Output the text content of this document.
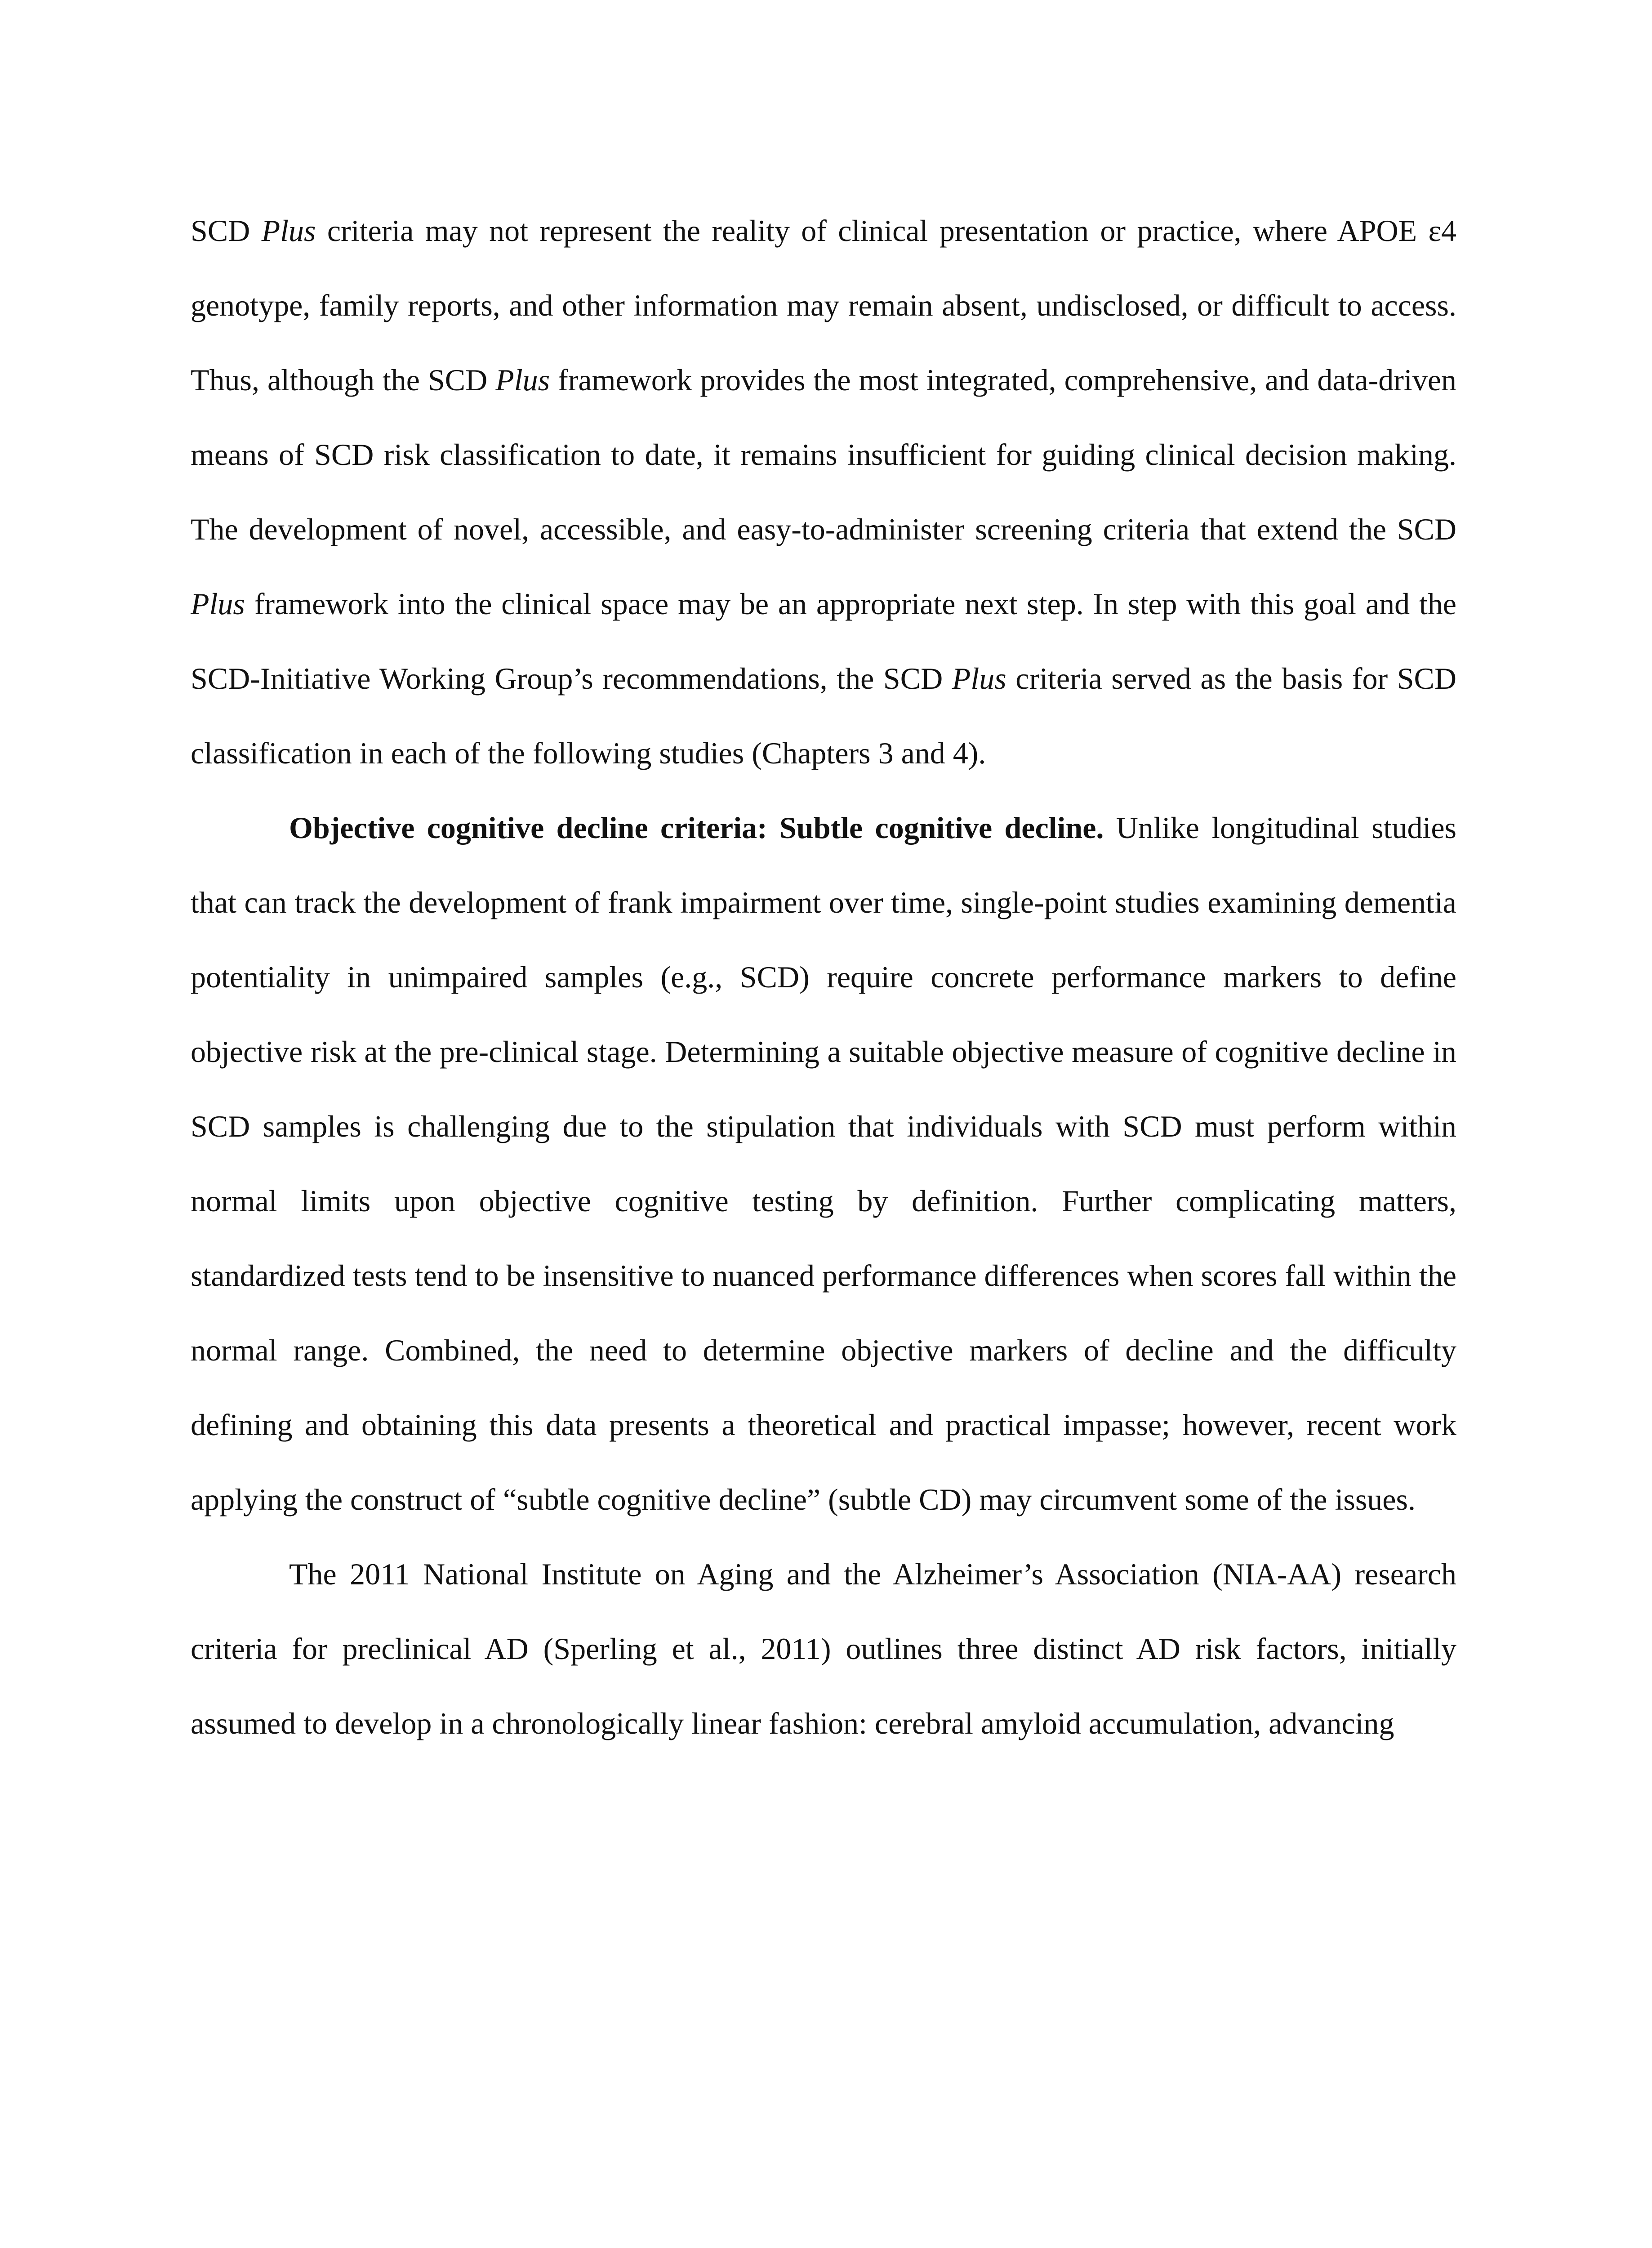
SCD Plus criteria may not represent the reality of clinical presentation or practice, where APOE ε4 genotype, family reports, and other information may remain absent, undisclosed, or difficult to access. Thus, although the SCD Plus framework provides the most integrated, comprehensive, and data-driven means of SCD risk classification to date, it remains insufficient for guiding clinical decision making. The development of novel, accessible, and easy-to-administer screening criteria that extend the SCD Plus framework into the clinical space may be an appropriate next step. In step with this goal and the SCD-Initiative Working Group’s recommendations, the SCD Plus criteria served as the basis for SCD classification in each of the following studies (Chapters 3 and 4).

Objective cognitive decline criteria: Subtle cognitive decline. Unlike longitudinal studies that can track the development of frank impairment over time, single-point studies examining dementia potentiality in unimpaired samples (e.g., SCD) require concrete performance markers to define objective risk at the pre-clinical stage. Determining a suitable objective measure of cognitive decline in SCD samples is challenging due to the stipulation that individuals with SCD must perform within normal limits upon objective cognitive testing by definition. Further complicating matters, standardized tests tend to be insensitive to nuanced performance differences when scores fall within the normal range. Combined, the need to determine objective markers of decline and the difficulty defining and obtaining this data presents a theoretical and practical impasse; however, recent work applying the construct of “subtle cognitive decline” (subtle CD) may circumvent some of the issues.

The 2011 National Institute on Aging and the Alzheimer’s Association (NIA-AA) research criteria for preclinical AD (Sperling et al., 2011) outlines three distinct AD risk factors, initially assumed to develop in a chronologically linear fashion: cerebral amyloid accumulation, advancing
